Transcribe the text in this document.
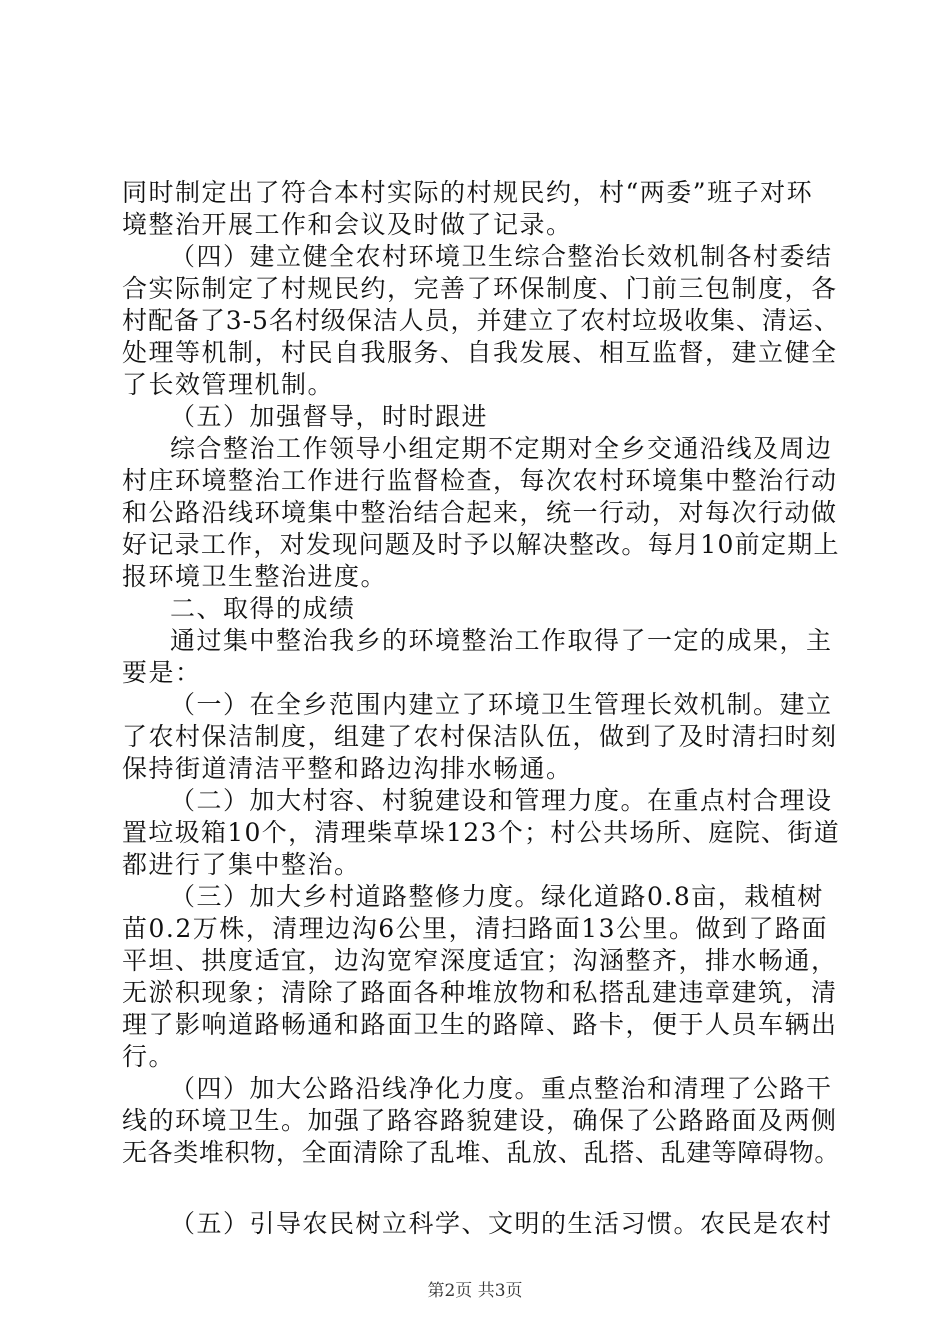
同时制定出了符合本村实际的村规民约，村“两委”班子对环
境整治开展工作和会议及时做了记录。
（四）建立健全农村环境卫生综合整治长效机制各村委结
合实际制定了村规民约，完善了环保制度、门前三包制度，各
村配备了3-5名村级保洁人员，并建立了农村垃圾收集、清运、
处理等机制，村民自我服务、自我发展、相互监督，建立健全
了长效管理机制。
（五）加强督导，时时跟进
综合整治工作领导小组定期不定期对全乡交通沿线及周边
村庄环境整治工作进行监督检查，每次农村环境集中整治行动
和公路沿线环境集中整治结合起来，统一行动，对每次行动做
好记录工作，对发现问题及时予以解决整改。每月10前定期上
报环境卫生整治进度。
二、取得的成绩
通过集中整治我乡的环境整治工作取得了一定的成果，主
要是：
（一）在全乡范围内建立了环境卫生管理长效机制。建立
了农村保洁制度，组建了农村保洁队伍，做到了及时清扫时刻
保持街道清洁平整和路边沟排水畅通。
（二）加大村容、村貌建设和管理力度。在重点村合理设
置垃圾箱10个，清理柴草垛123个；村公共场所、庭院、街道
都进行了集中整治。
（三）加大乡村道路整修力度。绿化道路0.8亩，栽植树
苗0.2万株，清理边沟6公里，清扫路面13公里。做到了路面
平坦、拱度适宜，边沟宽窄深度适宜；沟涵整齐，排水畅通，
无淤积现象；清除了路面各种堆放物和私搭乱建违章建筑，清
理了影响道路畅通和路面卫生的路障、路卡，便于人员车辆出
行。
（四）加大公路沿线净化力度。重点整治和清理了公路干
线的环境卫生。加强了路容路貌建设，确保了公路路面及两侧
无各类堆积物，全面清除了乱堆、乱放、乱搭、乱建等障碍物。
（五）引导农民树立科学、文明的生活习惯。农民是农村
第2页 共3页
